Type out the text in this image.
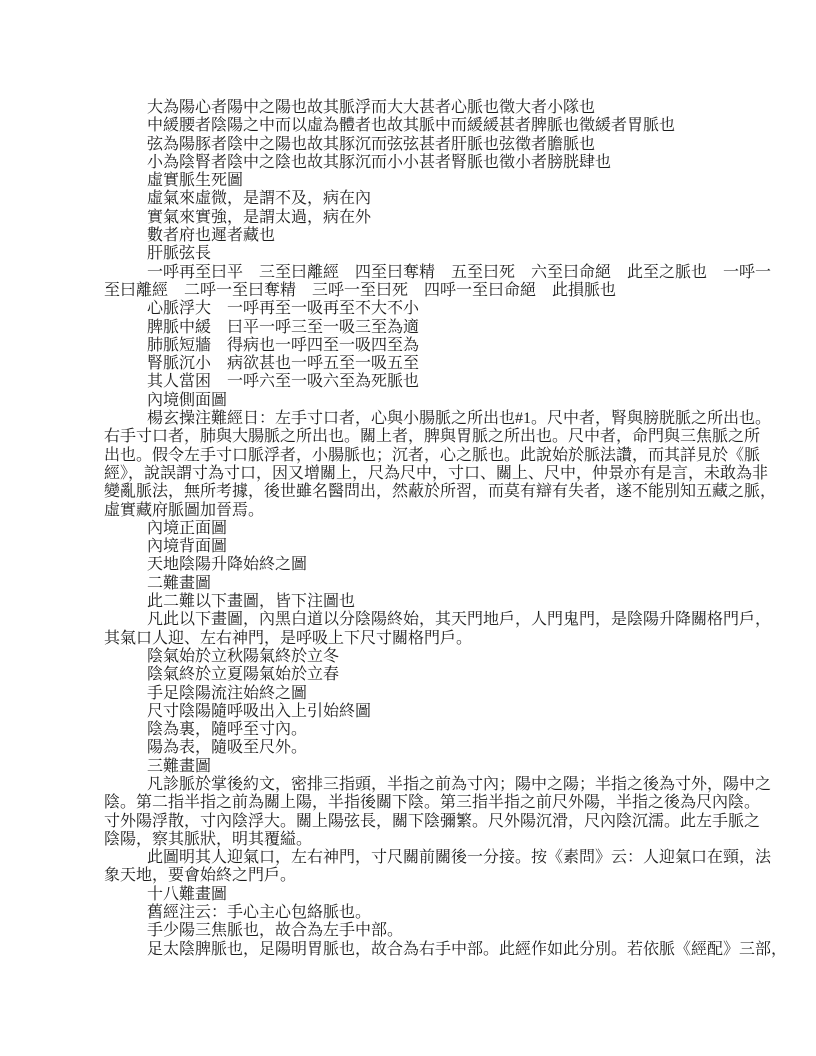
大為陽心者陽中之陽也故其脈浮而大大甚者心脈也徵大者小隊也
中緩腰者陰陽之中而以虛為體者也故其脈中而緩緩甚者脾脈也徵緩者胃脈也
弦為陽豚者陰中之陽也故其豚沉而弦弦甚者肝脈也弦徵者膽脈也
小為陰腎者陰中之陰也故其豚沉而小小甚者腎脈也徵小者膀胱肆也
虛實脈生死圖
虛氣來虛微，是謂不及，病在內
實氣來實強，是謂太過，病在外
數者府也遲者藏也
肝脈弦長
一呼再至曰平　三至曰離經　四至曰奪精　五至曰死　六至曰命絕　此至之脈也　一呼一
至曰離經　二呼一至曰奪精　三呼一至曰死　四呼一至曰命絕　此損脈也
心脈浮大　一呼再至一吸再至不大不小
脾脈中緩　曰平一呼三至一吸三至為適
肺脈短牆　得病也一呼四至一吸四至為
腎脈沉小　病欲甚也一呼五至一吸五至
其人當困　一呼六至一吸六至為死脈也
內境側面圖
楊玄操注難經日：左手寸口者，心與小腸脈之所出也#1。尺中者，腎與膀胱脈之所出也。
右手寸口者，肺與大腸脈之所出也。關上者，脾與胃脈之所出也。尺中者，命門與三焦脈之所
出也。假令左手寸口脈浮者，小腸脈也；沉者，心之脈也。此說始於脈法讚，而其詳見於《脈
經》，說誤謂寸為寸口，因又增關上，尺為尺中，寸口、關上、尺中，仲景亦有是言，未敢為非
變亂脈法，無所考據，後世雖名醫問出，然蔽於所習，而莫有辯有失者，遂不能別知五藏之脈，
虛實藏府脈圖加晉焉。
內境正面圖
內境背面圖
天地陰陽升降始終之圖
二難畫圖
此二難以下畫圖，皆下注圖也
凡此以下畫圖，內黑白道以分陰陽終始，其天門地戶，人門鬼門，是陰陽升降關格門戶，
其氣口人迎、左右神門，是呼吸上下尺寸關格門戶。
陰氣始於立秋陽氣終於立冬
陰氣終於立夏陽氣始於立春
手足陰陽流注始終之圖
尺寸陰陽隨呼吸出入上引始終圖
陰為裏，隨呼至寸內。
陽為表，隨吸至尺外。
三難畫圖
凡診脈於掌後約文，密排三指頭，半指之前為寸內；陽中之陽；半指之後為寸外，陽中之
陰。第二指半指之前為關上陽，半指後關下陰。第三指半指之前尺外陽，半指之後為尺內陰。
寸外陽浮散，寸內陰浮大。關上陽弦長，關下陰彌繁。尺外陽沉滑，尺內陰沉濡。此左手脈之
陰陽，察其脈狀，明其覆縊。
此圖明其人迎氣口，左右神門，寸尺關前關後一分接。按《素問》云：人迎氣口在頸，法
象天地，要會始終之門戶。
十八難畫圖
舊經注云：手心主心包絡脈也。
手少陽三焦脈也，故合為左手中部。
足太陰脾脈也，足陽明胃脈也，故合為右手中部。此經作如此分別。若依脈《經配》三部，
